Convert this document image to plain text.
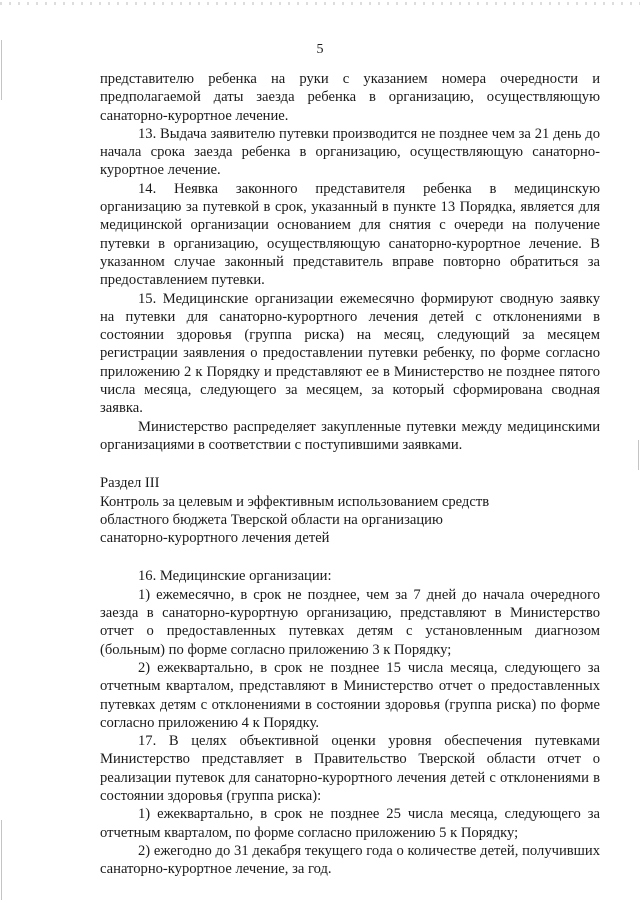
5

представителю ребенка на руки с указанием номера очередности и предполагаемой даты заезда ребенка в организацию, осуществляющую санаторно-курортное лечение.

13. Выдача заявителю путевки производится не позднее чем за 21 день до начала срока заезда ребенка в организацию, осуществляющую санаторно-курортное лечение.

14. Неявка законного представителя ребенка в медицинскую организацию за путевкой в срок, указанный в пункте 13 Порядка, является для медицинской организации основанием для снятия с очереди на получение путевки в организацию, осуществляющую санаторно-курортное лечение. В указанном случае законный представитель вправе повторно обратиться за предоставлением путевки.

15. Медицинские организации ежемесячно формируют сводную заявку на путевки для санаторно-курортного лечения детей с отклонениями в состоянии здоровья (группа риска) на месяц, следующий за месяцем регистрации заявления о предоставлении путевки ребенку, по форме согласно приложению 2 к Порядку и представляют ее в Министерство не позднее пятого числа месяца, следующего за месяцем, за который сформирована сводная заявка.

Министерство распределяет закупленные путевки между медицинскими организациями в соответствии с поступившими заявками.

Раздел III

Контроль за целевым и эффективным использованием средств

областного бюджета Тверской области на организацию

санаторно-курортного лечения детей

16. Медицинские организации:

1) ежемесячно, в срок не позднее, чем за 7 дней до начала очередного заезда в санаторно-курортную организацию, представляют в Министерство отчет о предоставленных путевках детям с установленным диагнозом (больным) по форме согласно приложению 3 к Порядку;

2) ежеквартально, в срок не позднее 15 числа месяца, следующего за отчетным кварталом, представляют в Министерство отчет о предоставленных путевках детям с отклонениями в состоянии здоровья (группа риска) по форме согласно приложению 4 к Порядку.

17. В целях объективной оценки уровня обеспечения путевками Министерство представляет в Правительство Тверской области отчет о реализации путевок для санаторно-курортного лечения детей с отклонениями в состоянии здоровья (группа риска):

1) ежеквартально, в срок не позднее 25 числа месяца, следующего за отчетным кварталом, по форме согласно приложению 5 к Порядку;

2) ежегодно до 31 декабря текущего года о количестве детей, получивших санаторно-курортное лечение, за год.
